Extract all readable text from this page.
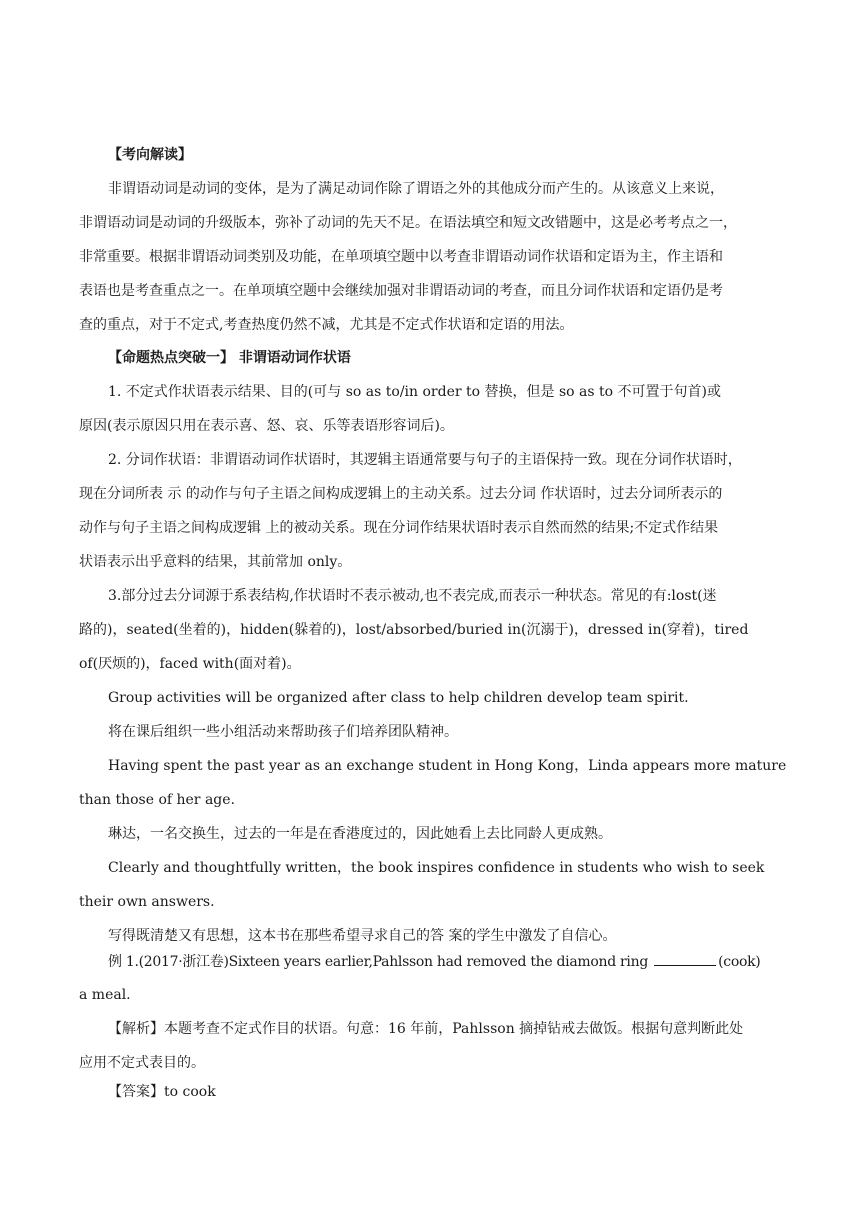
【考向解读】
非谓语动词是动词的变体，是为了满足动词作除了谓语之外的其他成分而产生的。从该意义上来说，
非谓语动词是动词的升级版本，弥补了动词的先天不足。在语法填空和短文改错题中，这是必考考点之一，
非常重要。根据非谓语动词类别及功能，在单项填空题中以考查非谓语动词作状语和定语为主，作主语和
表语也是考查重点之一。在单项填空题中会继续加强对非谓语动词的考查，而且分词作状语和定语仍是考
查的重点，对于不定式,考查热度仍然不减，尤其是不定式作状语和定语的用法。
【命题热点突破一】 非谓语动词作状语
1. 不定式作状语表示结果、目的(可与 so as to/in order to 替换，但是 so as to 不可置于句首)或
原因(表示原因只用在表示喜、怒、哀、乐等表语形容词后)。
2. 分词作状语：非谓语动词作状语时，其逻辑主语通常要与句子的主语保持一致。现在分词作状语时，
现在分词所表 示 的动作与句子主语之间构成逻辑上的主动关系。过去分词 作状语时，过去分词所表示的
动作与句子主语之间构成逻辑 上的被动关系。现在分词作结果状语时表示自然而然的结果;不定式作结果
状语表示出乎意料的结果，其前常加 only。
3.部分过去分词源于系表结构,作状语时不表示被动,也不表完成,而表示一种状态。常见的有:lost(迷
路的)，seated(坐着的)，hidden(躲着的)，lost/absorbed/buried in(沉溺于)，dressed in(穿着)，tired
of(厌烦的)，faced with(面对着)。
Group activities will be organized after class to help children develop team spirit.
将在课后组织一些小组活动来帮助孩子们培养团队精神。
Having spent the past year as an exchange student in Hong Kong，Linda appears more mature
than those of her age.
琳达，一名交换生，过去的一年是在香港度过的，因此她看上去比同龄人更成熟。
Clearly and thoughtfully written，the book inspires confidence in students who wish to seek
their own answers.
写得既清楚又有思想，这本书在那些希望寻求自己的答 案的学生中激发了自信心。
例 1.(2017·浙江卷)Sixteen years earlier,Pahlsson had removed the diamond ring	(cook)
a meal.
【解析】本题考查不定式作目的状语。句意：16 年前，Pahlsson 摘掉钻戒去做饭。根据句意判断此处
应用不定式表目的。
【答案】to cook
